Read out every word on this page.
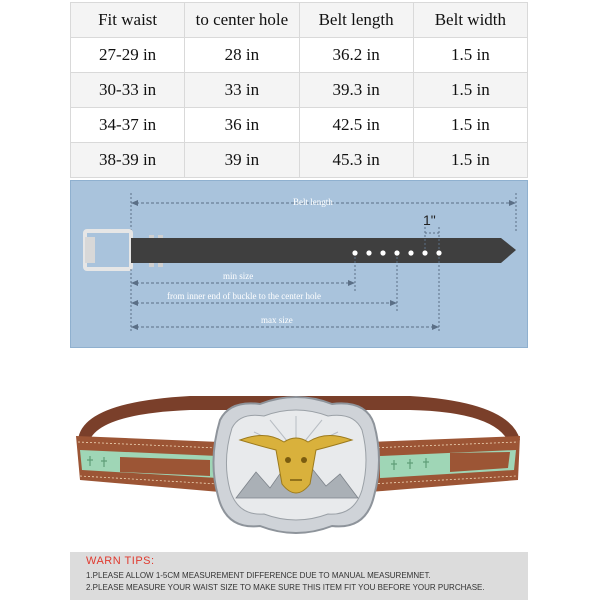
Fit waist	to center hole	Belt length	Belt width
27-29 in	28 in	36.2 in	1.5 in
30-33 in	33 in	39.3 in	1.5 in
34-37 in	36 in	42.5 in	1.5 in
38-39 in	39 in	45.3 in	1.5 in
Belt length
1"
min size
from inner end of buckle to the center hole
max size
WARN TIPS:
1.PLEASE ALLOW 1-5CM MEASUREMENT DIFFERENCE DUE TO MANUAL MEASUREMNET.
2.PLEASE MEASURE YOUR WAIST SIZE TO MAKE SURE THIS ITEM FIT YOU BEFORE YOUR PURCHASE.
